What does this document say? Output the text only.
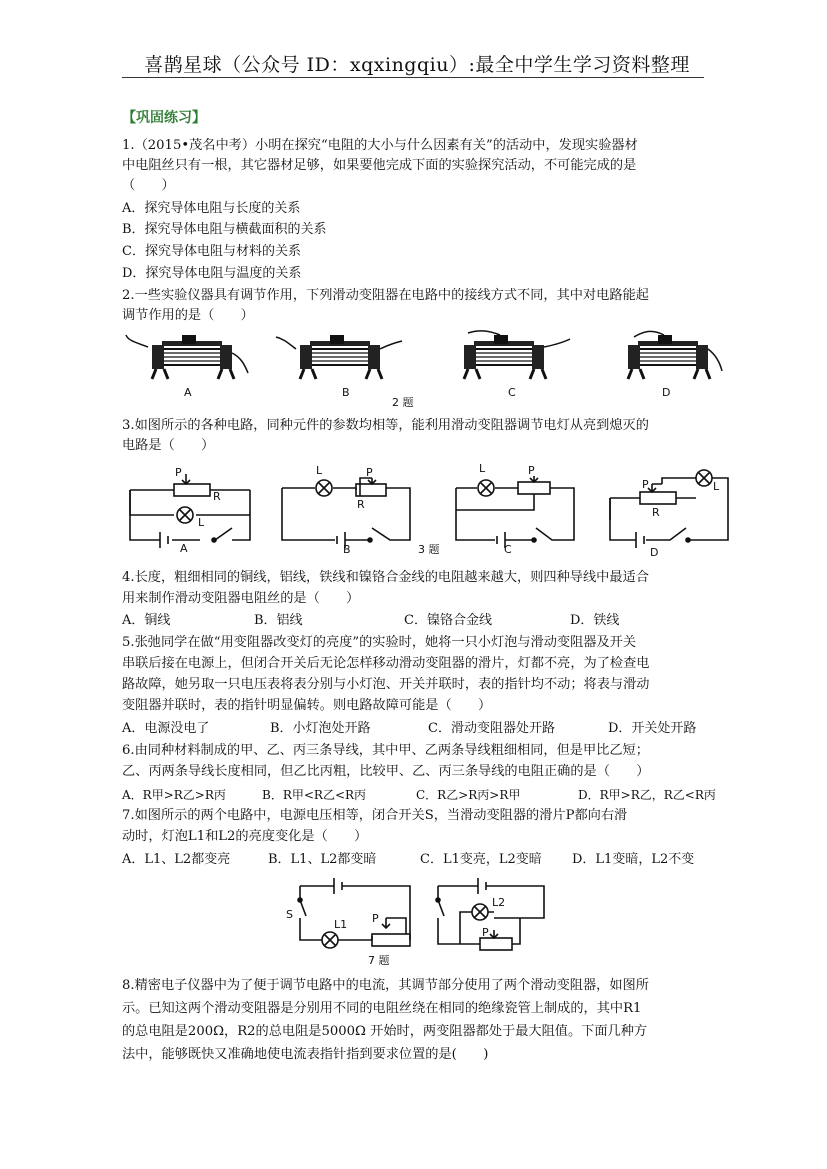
喜鹊星球（公众号 ID：xqxingqiu）:最全中学生学习资料整理
【巩固练习】
1.（2015•茂名中考）小明在探究“电阻的大小与什么因素有关”的活动中，发现实验器材
中电阻丝只有一根，其它器材足够，如果要他完成下面的实验探究活动，不可能完成的是
（　　）
A．探究导体电阻与长度的关系
B．探究导体电阻与横截面积的关系
C．探究导体电阻与材料的关系
D．探究导体电阻与温度的关系
2.一些实验仪器具有调节作用，下列滑动变阻器在电路中的接线方式不同，其中对电路能起
调节作用的是（　　）
A	B	C	D
2 题
3.如图所示的各种电路，同种元件的参数均相等，能利用滑动变阻器调节电灯从亮到熄灭的
电路是（　　）
P
R
L
A
L	P
R
B	3 题
L	P
C
P	L
R
D
4.长度，粗细相同的铜线，铝线，铁线和镍铬合金线的电阻越来越大，则四种导线中最适合
用来制作滑动变阻器电阻丝的是（　　）
A．铜线	B．铝线	C．镍铬合金线	D．铁线
5.张弛同学在做“用变阻器改变灯的亮度”的实验时，她将一只小灯泡与滑动变阻器及开关
串联后接在电源上，但闭合开关后无论怎样移动滑动变阻器的滑片，灯都不亮，为了检查电
路故障，她另取一只电压表将表分别与小灯泡、开关并联时，表的指针均不动；将表与滑动
变阻器并联时，表的指针明显偏转。则电路故障可能是（　　）
A．电源没电了	B．小灯泡处开路	C．滑动变阻器处开路	D．开关处开路
6.由同种材料制成的甲、乙、丙三条导线，其中甲、乙两条导线粗细相同，但是甲比乙短；
乙、丙两条导线长度相同，但乙比丙粗，比较甲、乙、丙三条导线的电阻正确的是（　　）
A．R甲>R乙>R丙	B．R甲<R乙<R丙	C．R乙>R丙>R甲	D．R甲>R乙，R乙<R丙
7.如图所示的两个电路中，电源电压相等，闭合开关S，当滑动变阻器的滑片P都向右滑
动时，灯泡L1和L2的亮度变化是（　　）
A．L1、L2都变亮	B．L1、L2都变暗	C．L1变亮，L2变暗 D．L1变暗，L2不变
S
L1 P
7 题
L2
P
8.精密电子仪器中为了便于调节电路中的电流，其调节部分使用了两个滑动变阻器，如图所
示。已知这两个滑动变阻器是分别用不同的电阻丝绕在相同的绝缘瓷管上制成的，其中R1
的总电阻是200Ω，R2的总电阻是5000Ω 开始时，两变阻器都处于最大阻值。下面几种方
法中，能够既快又准确地使电流表指针指到要求位置的是(　　)
